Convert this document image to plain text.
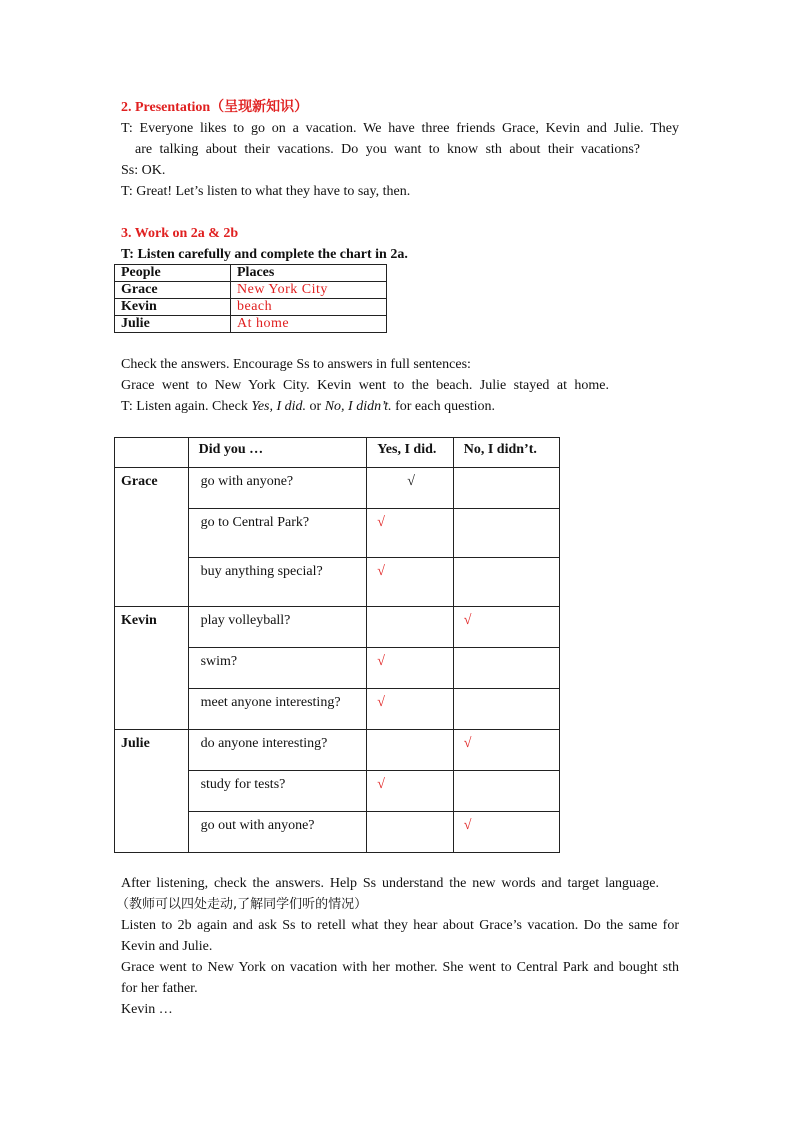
2. Presentation（呈现新知识）
T: Everyone likes to go on a vacation. We have three friends Grace, Kevin and Julie. They
are talking about their vacations. Do you want to know sth about their vacations?
Ss: OK.
T: Great! Let’s listen to what they have to say, then.
3. Work on 2a & 2b
T: Listen carefully and complete the chart in 2a.
People	Places
Grace	New York City
Kevin	beach
Julie	At home
Check the answers. Encourage Ss to answers in full sentences:
Grace went to New York City. Kevin went to the beach. Julie stayed at home.
T: Listen again. Check Yes, I did. or No, I didn’t. for each question.

	Did you …	Yes, I did.	No, I didn’t.

Grace	go with anyone?	√	

	go to Central Park?	√	

	buy anything special?	√	

Kevin	play volleyball?		√

	swim?	√	

	meet anyone interesting?	√	

Julie	do anyone interesting?		√

	study for tests?	√	

	go out with anyone?		√
After listening, check the answers. Help Ss understand the new words and target language.
（教师可以四处走动,了解同学们听的情况）
Listen to 2b again and ask Ss to retell what they hear about Grace’s vacation. Do the same for
Kevin and Julie.
Grace went to New York on vacation with her mother. She went to Central Park and bought sth
for her father.
Kevin …
